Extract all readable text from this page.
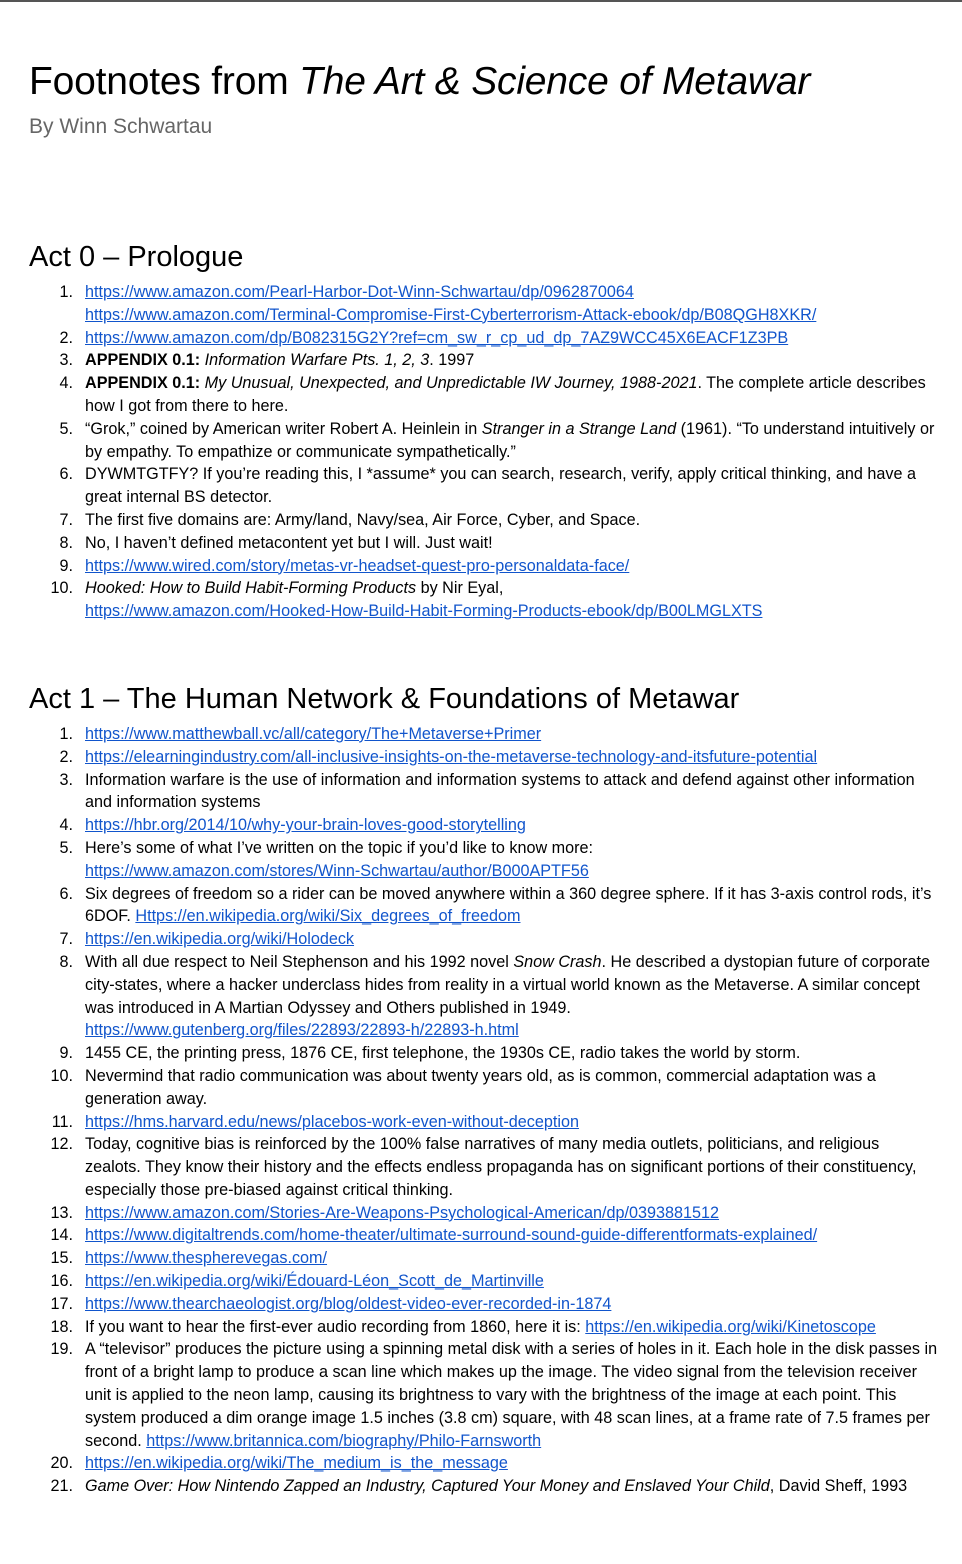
Footnotes from The Art & Science of Metawar
By Winn Schwartau
Act 0 – Prologue
1. https://www.amazon.com/Pearl-Harbor-Dot-Winn-Schwartau/dp/0962870064
https://www.amazon.com/Terminal-Compromise-First-Cyberterrorism-Attack-ebook/dp/B08QGH8XKR/
2. https://www.amazon.com/dp/B082315G2Y?ref=cm_sw_r_cp_ud_dp_7AZ9WCC45X6EACF1Z3PB
3. APPENDIX 0.1: Information Warfare Pts. 1, 2, 3. 1997
4. APPENDIX 0.1: My Unusual, Unexpected, and Unpredictable IW Journey, 1988-2021. The complete article describes how I got from there to here.
5. “Grok,” coined by American writer Robert A. Heinlein in Stranger in a Strange Land (1961). “To understand intuitively or by empathy. To empathize or communicate sympathetically.”
6. DYWMTGTFY? If you’re reading this, I *assume* you can search, research, verify, apply critical thinking, and have a great internal BS detector.
7. The first five domains are: Army/land, Navy/sea, Air Force, Cyber, and Space.
8. No, I haven’t defined metacontent yet but I will. Just wait!
9. https://www.wired.com/story/metas-vr-headset-quest-pro-personaldata-face/
10. Hooked: How to Build Habit-Forming Products by Nir Eyal,
https://www.amazon.com/Hooked-How-Build-Habit-Forming-Products-ebook/dp/B00LMGLXTS
Act 1 – The Human Network & Foundations of Metawar
1. https://www.matthewball.vc/all/category/The+Metaverse+Primer
2. https://elearningindustry.com/all-inclusive-insights-on-the-metaverse-technology-and-itsfuture-potential
3. Information warfare is the use of information and information systems to attack and defend against other information and information systems
4. https://hbr.org/2014/10/why-your-brain-loves-good-storytelling
5. Here’s some of what I’ve written on the topic if you’d like to know more:
https://www.amazon.com/stores/Winn-Schwartau/author/B000APTF56
6. Six degrees of freedom so a rider can be moved anywhere within a 360 degree sphere. If it has 3-axis control rods, it’s 6DOF. Https://en.wikipedia.org/wiki/Six_degrees_of_freedom
7. https://en.wikipedia.org/wiki/Holodeck
8. With all due respect to Neil Stephenson and his 1992 novel Snow Crash. He described a dystopian future of corporate city-states, where a hacker underclass hides from reality in a virtual world known as the Metaverse. A similar concept was introduced in A Martian Odyssey and Others published in 1949.
https://www.gutenberg.org/files/22893/22893-h/22893-h.html
9. 1455 CE, the printing press, 1876 CE, first telephone, the 1930s CE, radio takes the world by storm.
10. Nevermind that radio communication was about twenty years old, as is common, commercial adaptation was a generation away.
11. https://hms.harvard.edu/news/placebos-work-even-without-deception
12. Today, cognitive bias is reinforced by the 100% false narratives of many media outlets, politicians, and religious zealots. They know their history and the effects endless propaganda has on significant portions of their constituency, especially those pre-biased against critical thinking.
13. https://www.amazon.com/Stories-Are-Weapons-Psychological-American/dp/0393881512
14. https://www.digitaltrends.com/home-theater/ultimate-surround-sound-guide-differentformats-explained/
15. https://www.thespherevegas.com/
16. https://en.wikipedia.org/wiki/Édouard-Léon_Scott_de_Martinville
17. https://www.thearchaeologist.org/blog/oldest-video-ever-recorded-in-1874
18. If you want to hear the first-ever audio recording from 1860, here it is: https://en.wikipedia.org/wiki/Kinetoscope
19. A “televisor” produces the picture using a spinning metal disk with a series of holes in it. Each hole in the disk passes in front of a bright lamp to produce a scan line which makes up the image. The video signal from the television receiver unit is applied to the neon lamp, causing its brightness to vary with the brightness of the image at each point. This system produced a dim orange image 1.5 inches (3.8 cm) square, with 48 scan lines, at a frame rate of 7.5 frames per second. https://www.britannica.com/biography/Philo-Farnsworth
20. https://en.wikipedia.org/wiki/The_medium_is_the_message
21. Game Over: How Nintendo Zapped an Industry, Captured Your Money and Enslaved Your Child, David Sheff, 1993
